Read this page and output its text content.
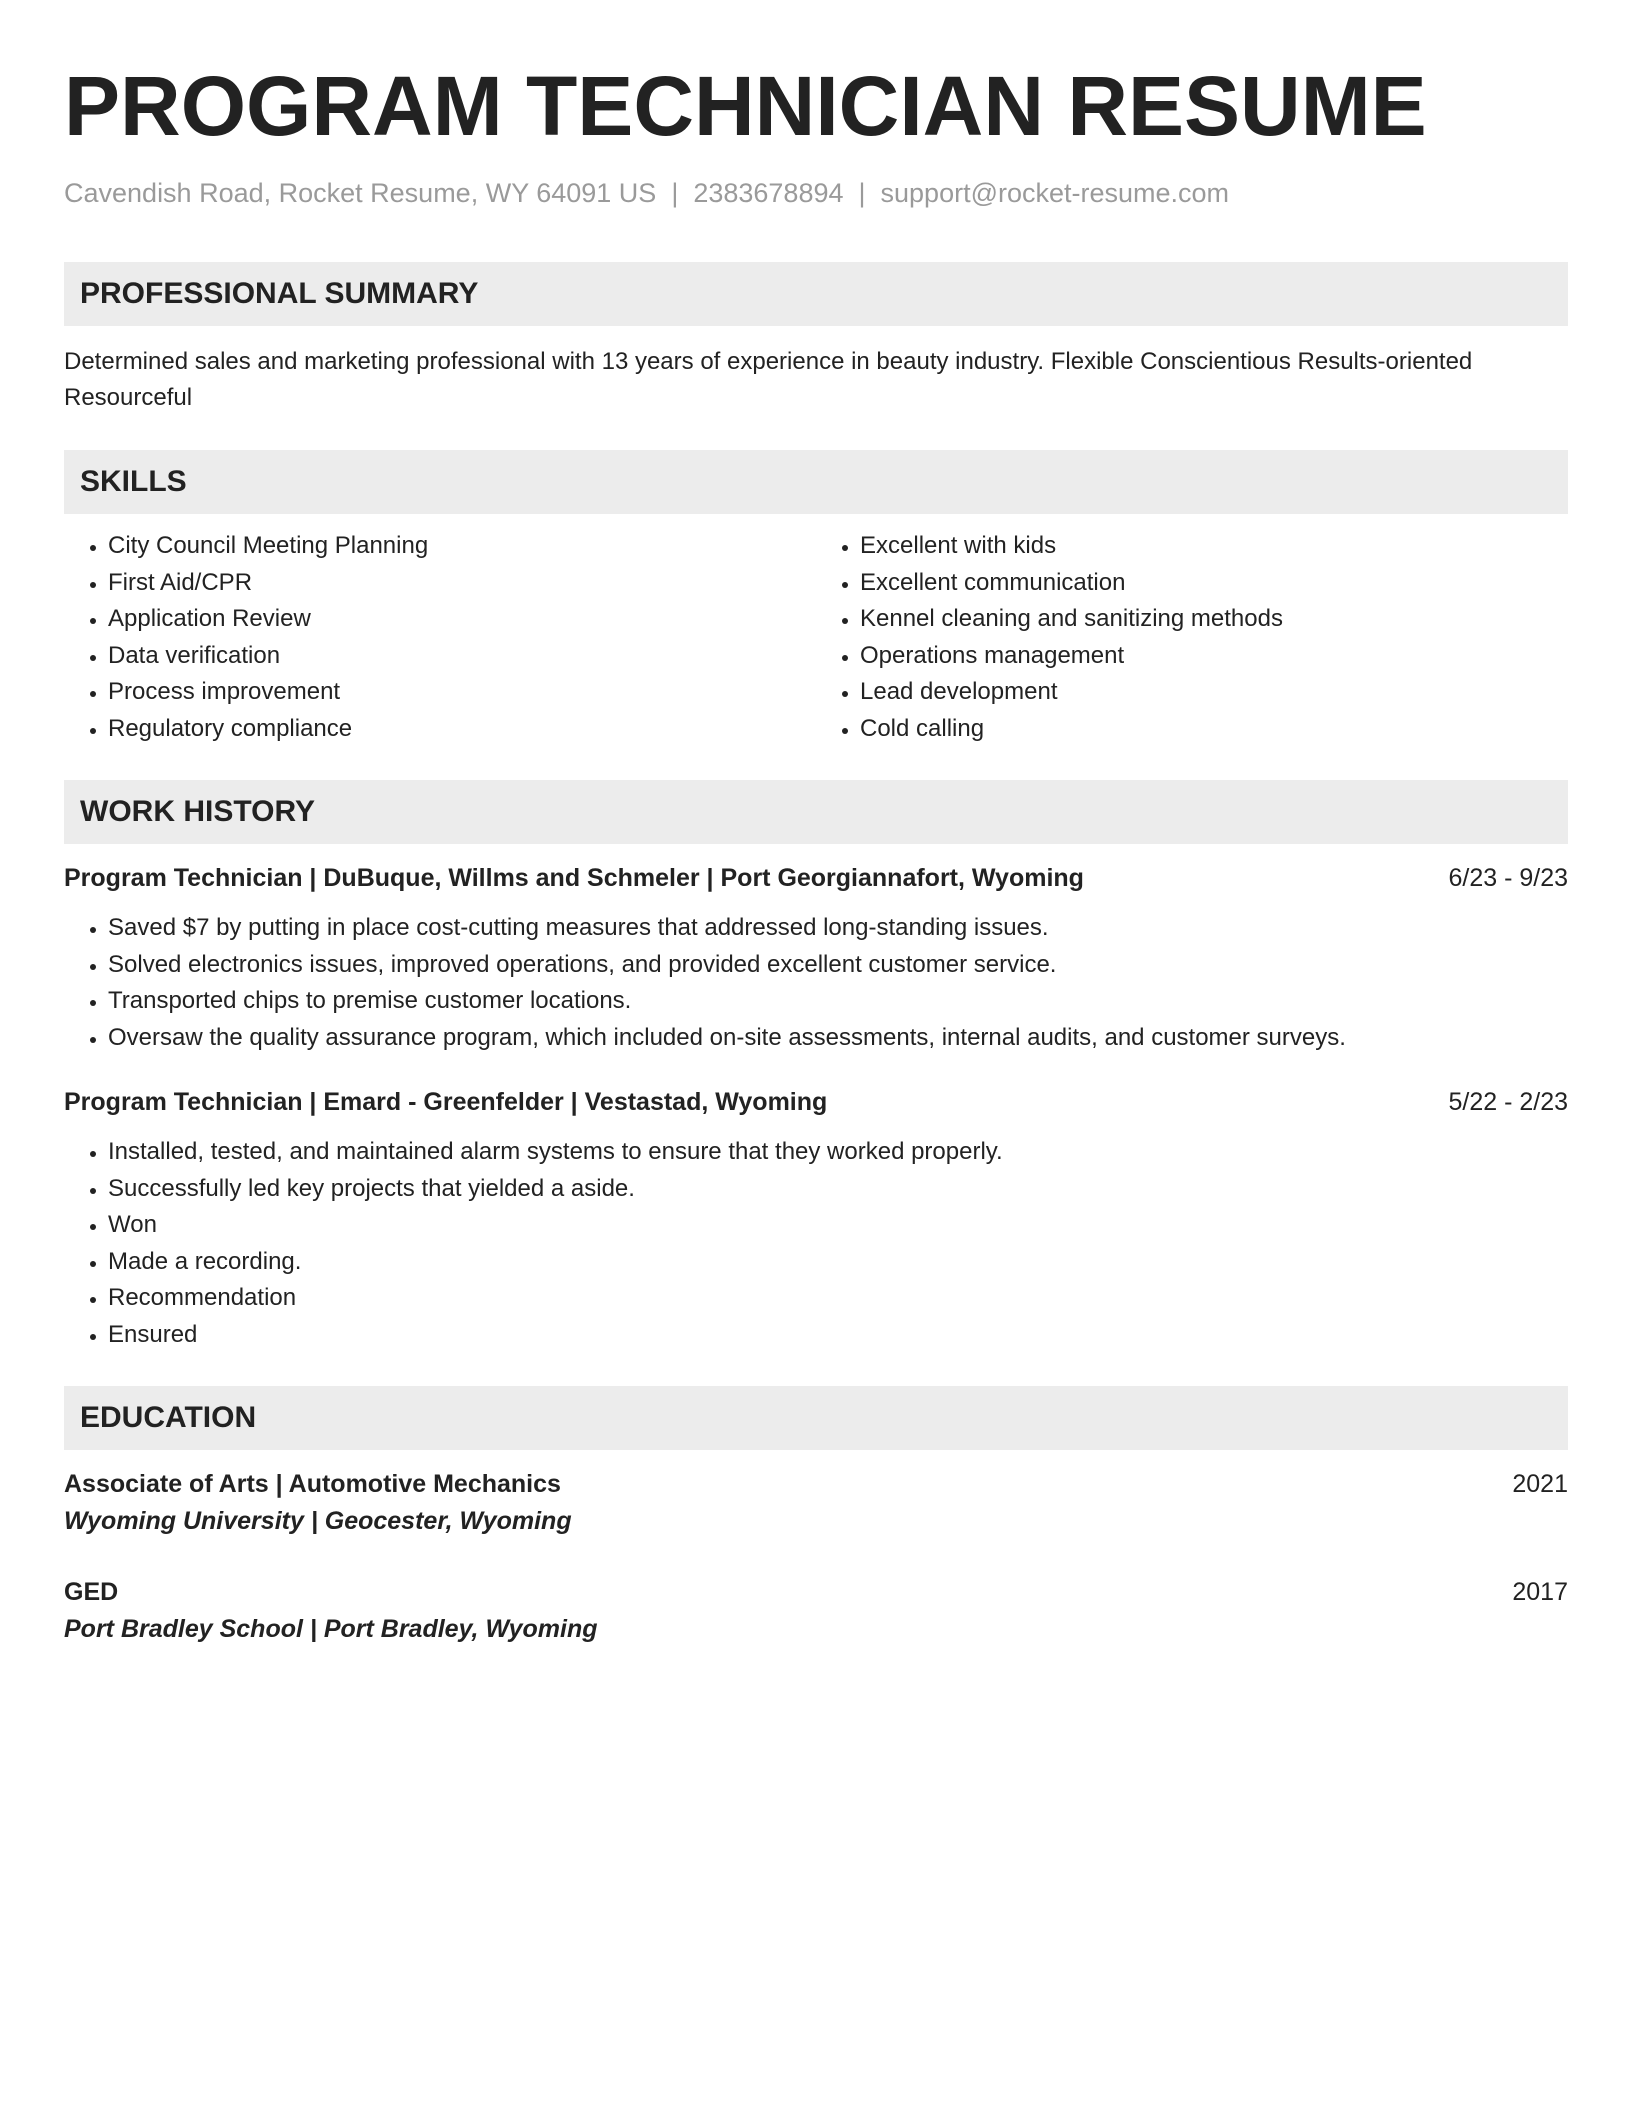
PROGRAM TECHNICIAN RESUME
Cavendish Road, Rocket Resume, WY 64091 US | 2383678894 | support@rocket-resume.com
PROFESSIONAL SUMMARY
Determined sales and marketing professional with 13 years of experience in beauty industry. Flexible Conscientious Results-oriented Resourceful
SKILLS
• City Council Meeting Planning
• First Aid/CPR
• Application Review
• Data verification
• Process improvement
• Regulatory compliance
• Excellent with kids
• Excellent communication
• Kennel cleaning and sanitizing methods
• Operations management
• Lead development
• Cold calling
WORK HISTORY
Program Technician | DuBuque, Willms and Schmeler | Port Georgiannafort, Wyoming	6/23 - 9/23
• Saved $7 by putting in place cost-cutting measures that addressed long-standing issues.
• Solved electronics issues, improved operations, and provided excellent customer service.
• Transported chips to premise customer locations.
• Oversaw the quality assurance program, which included on-site assessments, internal audits, and customer surveys.
Program Technician | Emard - Greenfelder | Vestastad, Wyoming	5/22 - 2/23
• Installed, tested, and maintained alarm systems to ensure that they worked properly.
• Successfully led key projects that yielded a aside.
• Won
• Made a recording.
• Recommendation
• Ensured
EDUCATION
Associate of Arts | Automotive Mechanics	2021
Wyoming University | Geocester, Wyoming
GED	2017
Port Bradley School | Port Bradley, Wyoming
